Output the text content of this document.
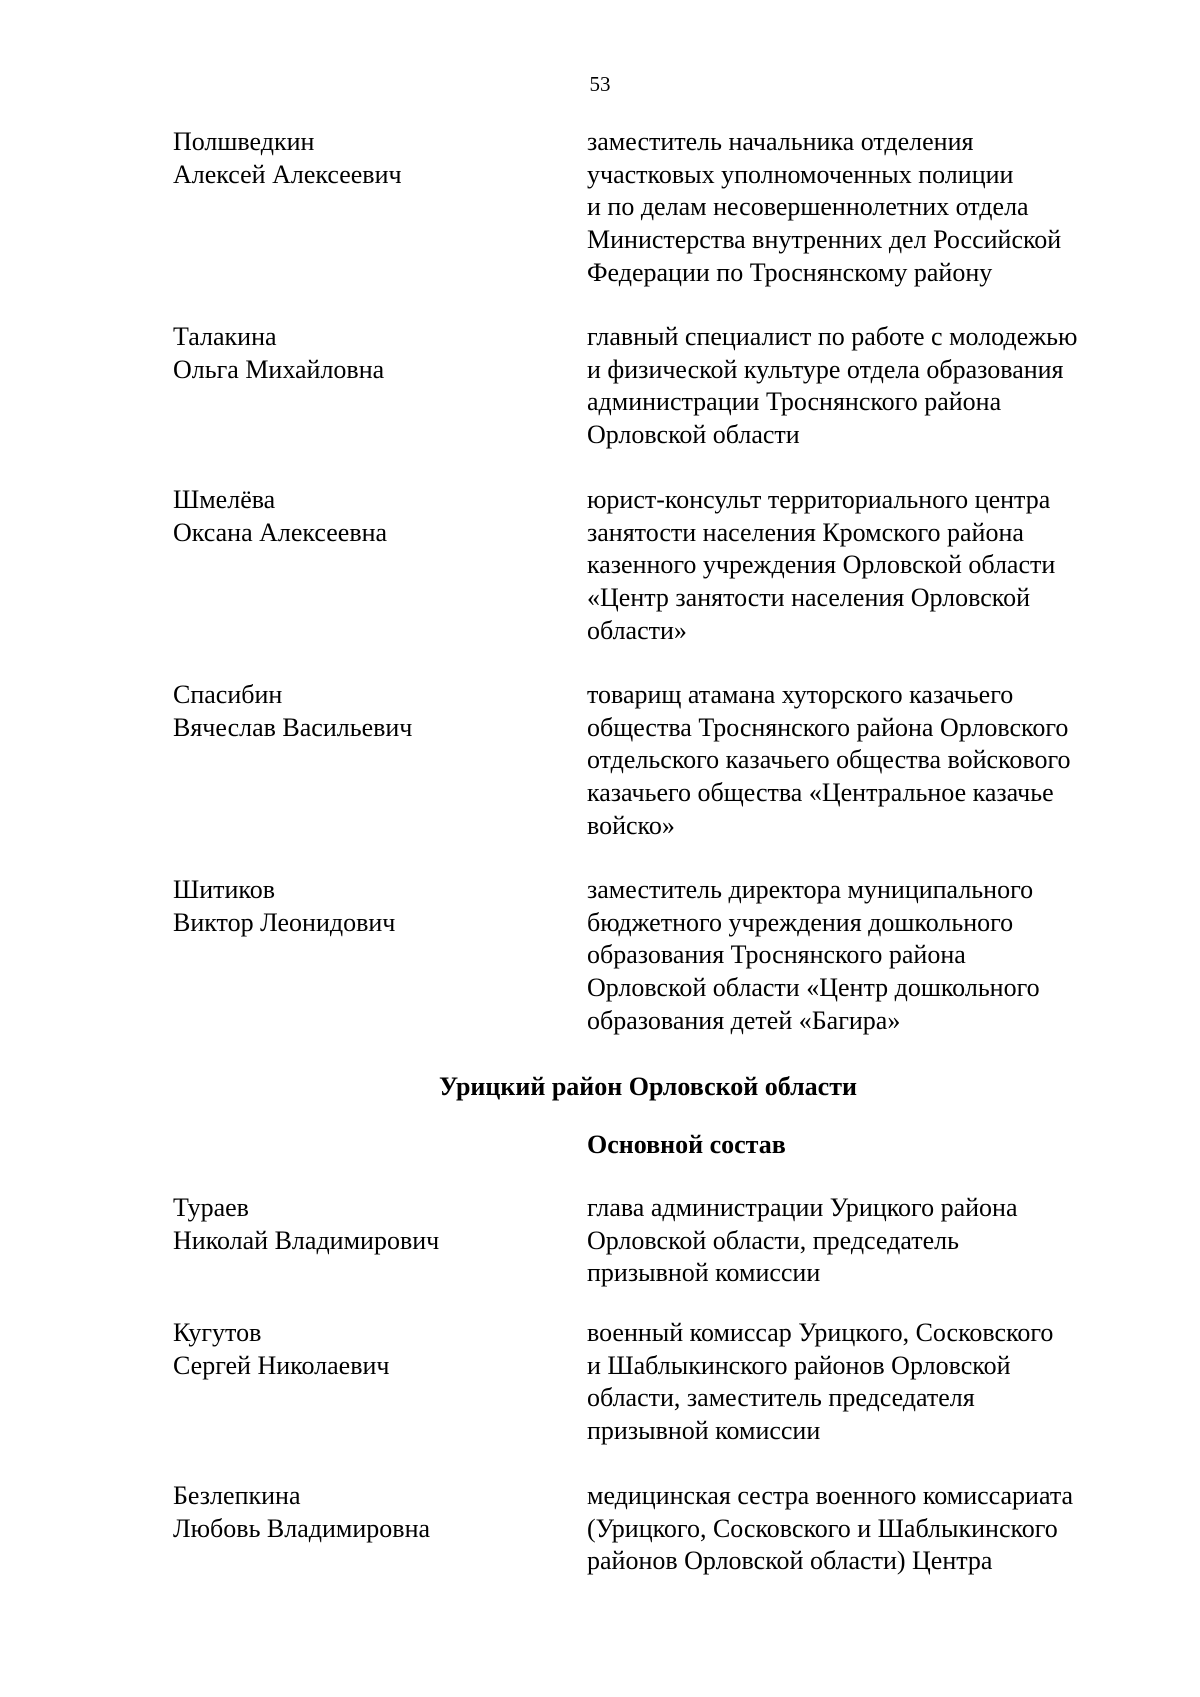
53
Полшведкин
Алексей Алексеевич
заместитель начальника отделения
участковых уполномоченных полиции
и по делам несовершеннолетних отдела
Министерства внутренних дел Российской
Федерации по Троснянскому району
Талакина
Ольга Михайловна
главный специалист по работе с молодежью
и физической культуре отдела образования
администрации Троснянского района
Орловской области
Шмелёва
Оксана Алексеевна
юрист-консульт территориального центра
занятости населения Кромского района
казенного учреждения Орловской области
«Центр занятости населения Орловской
области»
Спасибин
Вячеслав Васильевич
товарищ атамана хуторского казачьего
общества Троснянского района Орловского
отдельского казачьего общества войскового
казачьего общества «Центральное казачье
войско»
Шитиков
Виктор Леонидович
заместитель директора муниципального
бюджетного учреждения дошкольного
образования Троснянского района
Орловской области «Центр дошкольного
образования детей «Багира»
Урицкий район Орловской области
Основной состав
Тураев
Николай Владимирович
глава администрации Урицкого района
Орловской области, председатель
призывной комиссии
Кугутов
Сергей Николаевич
военный комиссар Урицкого, Сосковского
и Шаблыкинского районов Орловской
области, заместитель председателя
призывной комиссии
Безлепкина
Любовь Владимировна
медицинская сестра военного комиссариата
(Урицкого, Сосковского и Шаблыкинского
районов Орловской области) Центра
